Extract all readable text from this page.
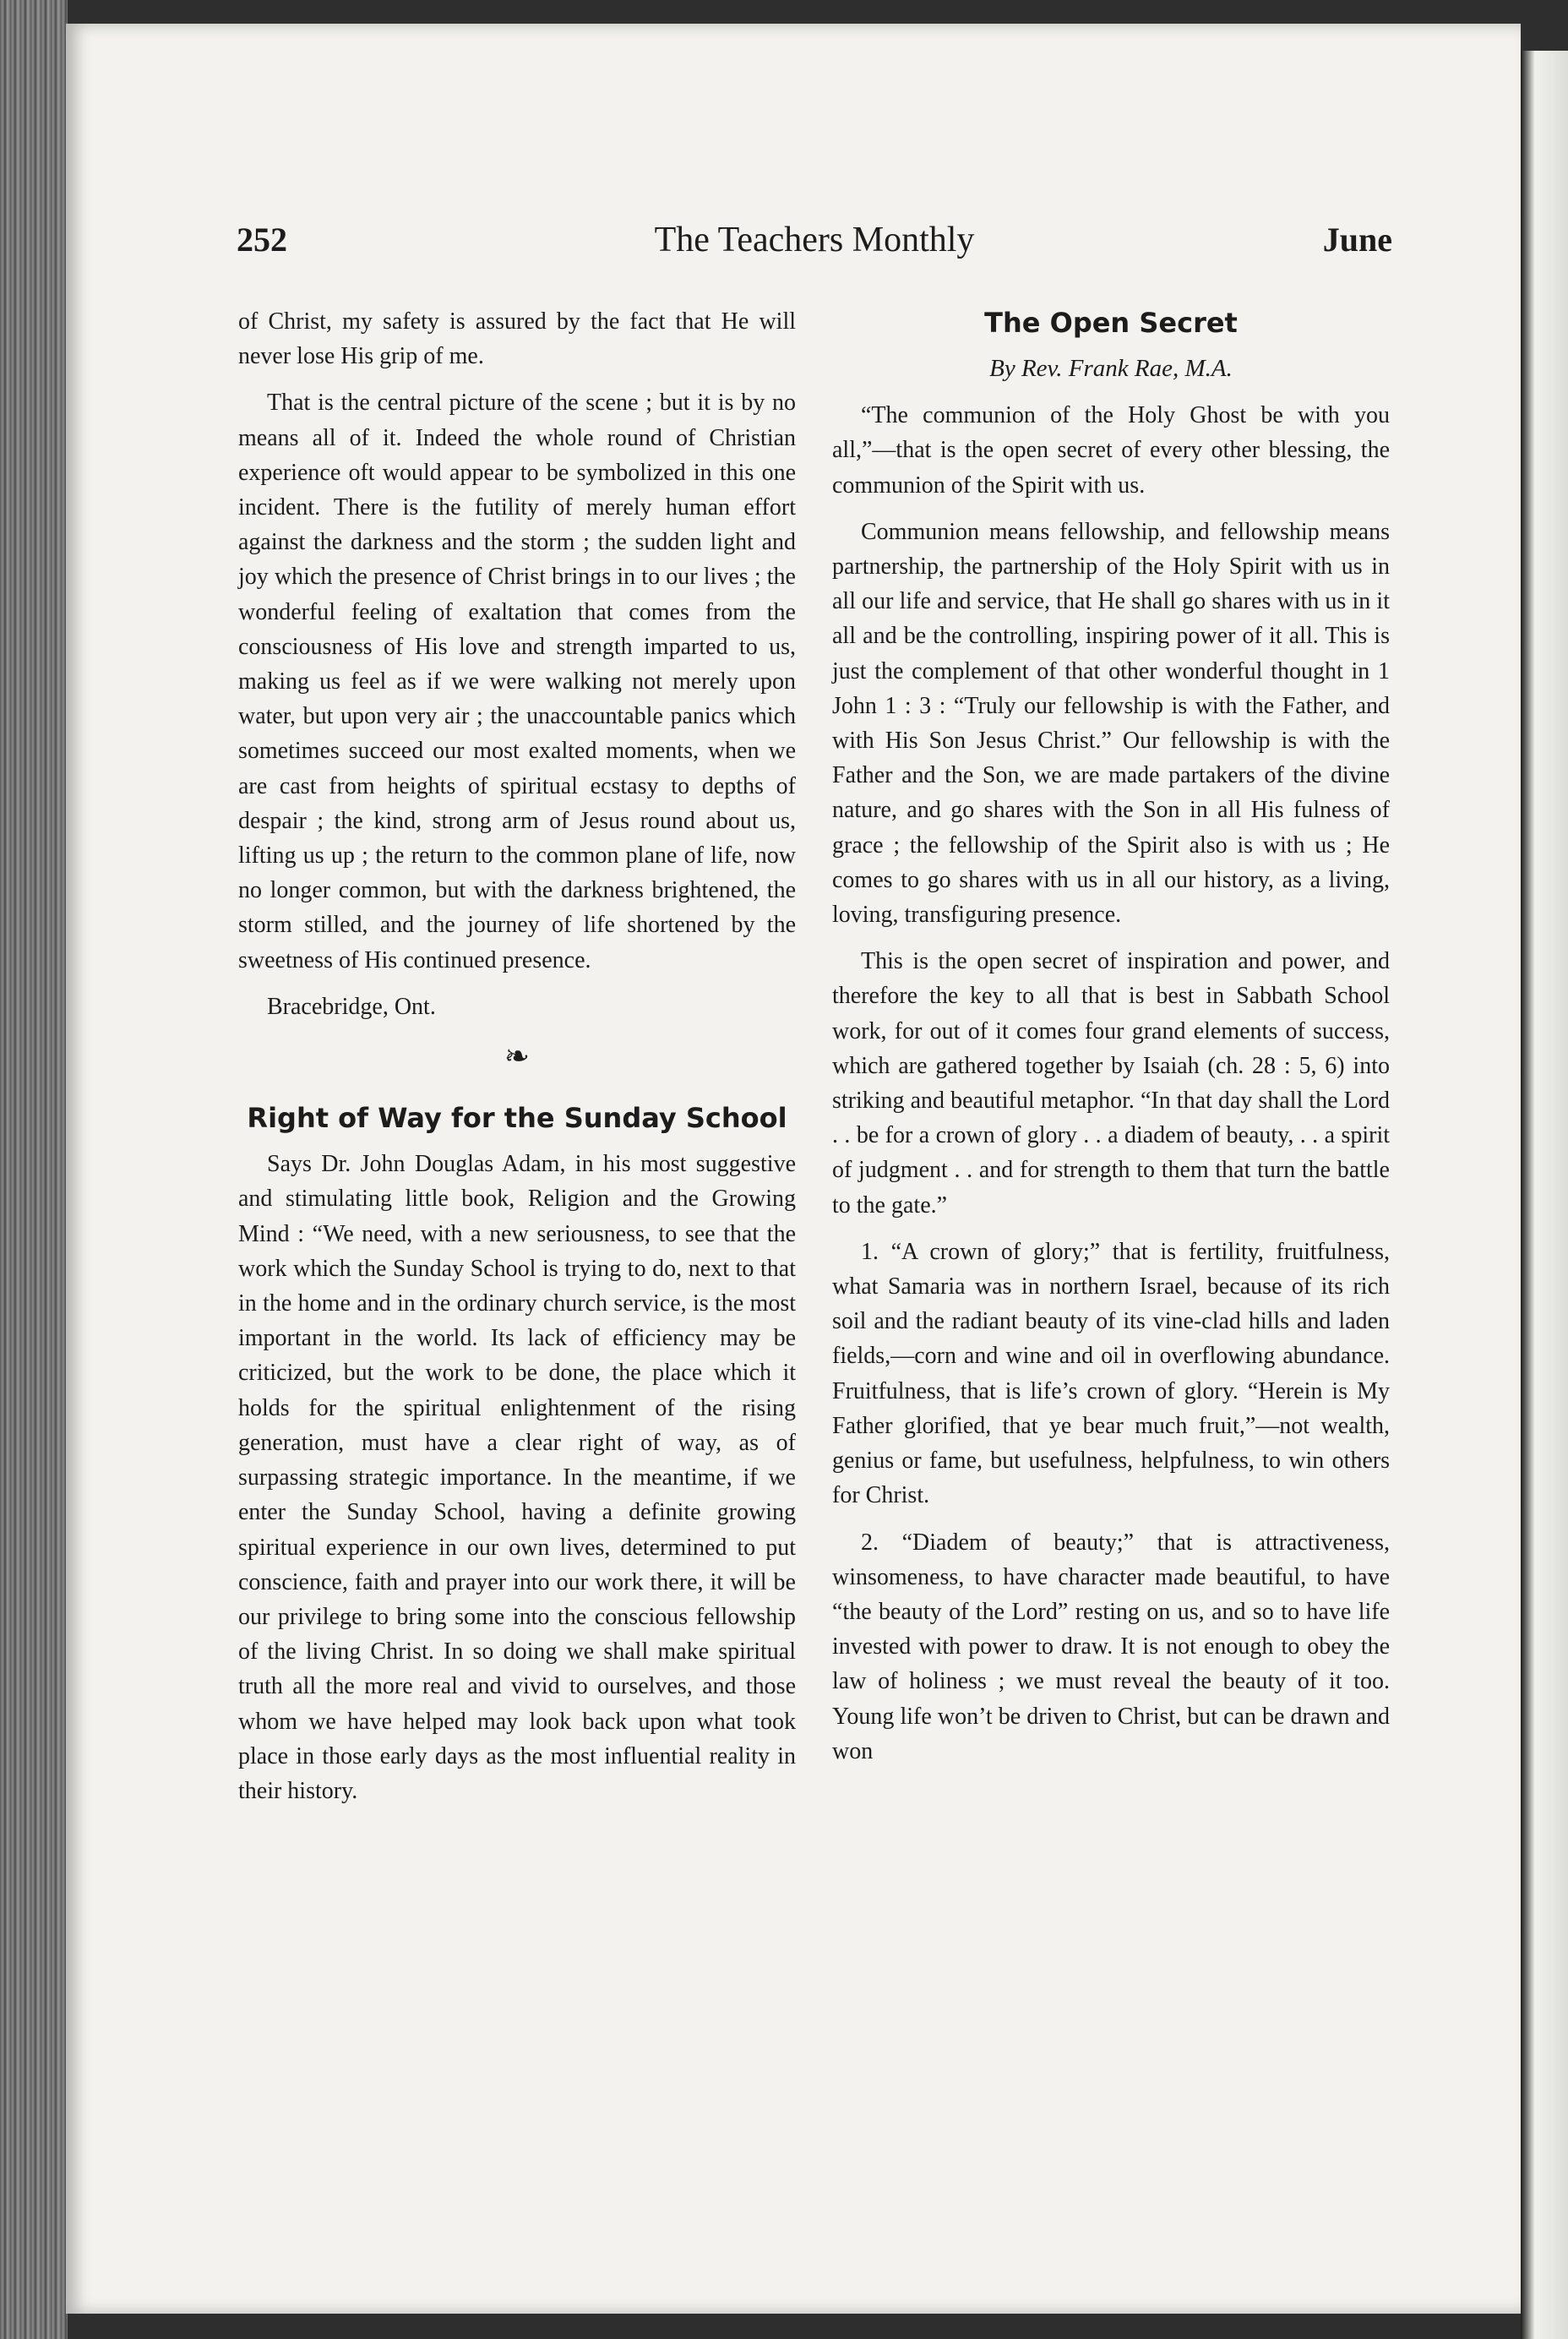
252	The Teachers Monthly	June

of Christ, my safety is assured by the fact that He will never lose His grip of me.

That is the central picture of the scene ; but it is by no means all of it. Indeed the whole round of Christian experience oft would appear to be symbolized in this one incident. There is the futility of merely human effort against the darkness and the storm ; the sudden light and joy which the presence of Christ brings in to our lives ; the wonderful feeling of exaltation that comes from the consciousness of His love and strength imparted to us, making us feel as if we were walking not merely upon water, but upon very air ; the unaccountable panics which sometimes succeed our most exalted moments, when we are cast from heights of spiritual ecstasy to depths of despair ; the kind, strong arm of Jesus round about us, lifting us up ; the return to the common plane of life, now no longer common, but with the darkness brightened, the storm stilled, and the journey of life shortened by the sweetness of His continued presence.

Bracebridge, Ont.

❧
Right of Way for the Sunday School

Says Dr. John Douglas Adam, in his most suggestive and stimulating little book, Religion and the Growing Mind : “We need, with a new seriousness, to see that the work which the Sunday School is trying to do, next to that in the home and in the ordinary church service, is the most important in the world. Its lack of efficiency may be criticized, but the work to be done, the place which it holds for the spiritual enlightenment of the rising generation, must have a clear right of way, as of surpassing strategic importance. In the meantime, if we enter the Sunday School, having a definite growing spiritual experience in our own lives, determined to put conscience, faith and prayer into our work there, it will be our privilege to bring some into the conscious fellowship of the living Christ. In so doing we shall make spiritual truth all the more real and vivid to ourselves, and those whom we have helped may look back upon what took place in those early days as the most influential reality in their history.

The Open Secret
By Rev. Frank Rae, M.A.

“The communion of the Holy Ghost be with you all,”—that is the open secret of every other blessing, the communion of the Spirit with us.

Communion means fellowship, and fellowship means partnership, the partnership of the Holy Spirit with us in all our life and service, that He shall go shares with us in it all and be the controlling, inspiring power of it all. This is just the complement of that other wonderful thought in 1 John 1 : 3 : “Truly our fellowship is with the Father, and with His Son Jesus Christ.” Our fellowship is with the Father and the Son, we are made partakers of the divine nature, and go shares with the Son in all His fulness of grace ; the fellowship of the Spirit also is with us ; He comes to go shares with us in all our history, as a living, loving, transfiguring presence.

This is the open secret of inspiration and power, and therefore the key to all that is best in Sabbath School work, for out of it comes four grand elements of success, which are gathered together by Isaiah (ch. 28 : 5, 6) into striking and beautiful metaphor. “In that day shall the Lord . . be for a crown of glory . . a diadem of beauty, . . a spirit of judgment . . and for strength to them that turn the battle to the gate.”

1. “A crown of glory;” that is fertility, fruitfulness, what Samaria was in northern Israel, because of its rich soil and the radiant beauty of its vine-clad hills and laden fields,—corn and wine and oil in overflowing abundance. Fruitfulness, that is life’s crown of glory. “Herein is My Father glorified, that ye bear much fruit,”—not wealth, genius or fame, but usefulness, helpfulness, to win others for Christ.

2. “Diadem of beauty;” that is attractiveness, winsomeness, to have character made beautiful, to have “the beauty of the Lord” resting on us, and so to have life invested with power to draw. It is not enough to obey the law of holiness ; we must reveal the beauty of it too. Young life won’t be driven to Christ, but can be drawn and won
